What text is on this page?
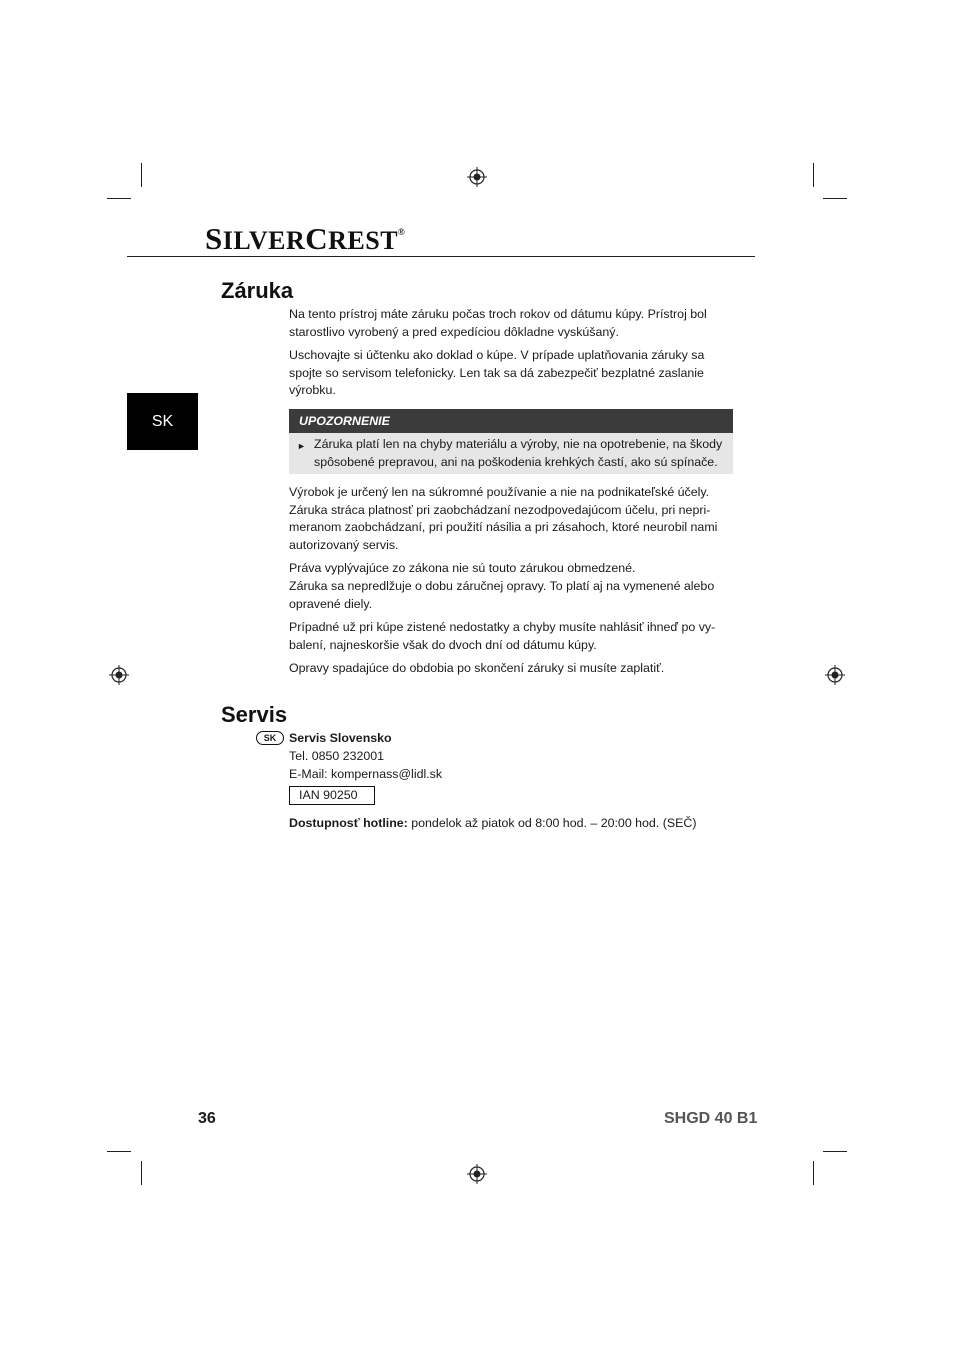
SILVERCREST®
SK
Záruka

Na tento prístroj máte záruku počas troch rokov od dátumu kúpy. Prístroj bol starostlivo vyrobený a pred expedíciou dôkladne vyskúšaný.

Uschovajte si účtenku ako doklad o kúpe. V prípade uplatňovania záruky sa spojte so servisom telefonicky. Len tak sa dá zabezpečiť bezplatné zaslanie výrobku.

UPOZORNENIE
► Záruka platí len na chyby materiálu a výroby, nie na opotrebenie, na škody spôsobené prepravou, ani na poškodenia krehkých častí, ako sú spínače.

Výrobok je určený len na súkromné používanie a nie na podnikateľské účely. Záruka stráca platnosť pri zaobchádzaní nezodpovedajúcom účelu, pri nepri- meranom zaobchádzaní, pri použití násilia a pri zásahoch, ktoré neurobil nami autorizovaný servis.

Práva vyplývajúce zo zákona nie sú touto zárukou obmedzené.

Záruka sa nepredlžuje o dobu záručnej opravy. To platí aj na vymenené alebo opravené diely.

Prípadné už pri kúpe zistené nedostatky a chyby musíte nahlásiť ihneď po vy- balení, najneskoršie však do dvoch dní od dátumu kúpy.

Opravy spadajúce do obdobia po skončení záruky si musíte zaplatiť.

Servis
SK	Servis Slovensko
Tel. 0850 232001
E-Mail: kompernass@lidl.sk
IAN 90250
Dostupnosť hotline: pondelok až piatok od 8:00 hod. – 20:00 hod. (SEČ)
36	SHGD 40 B1
